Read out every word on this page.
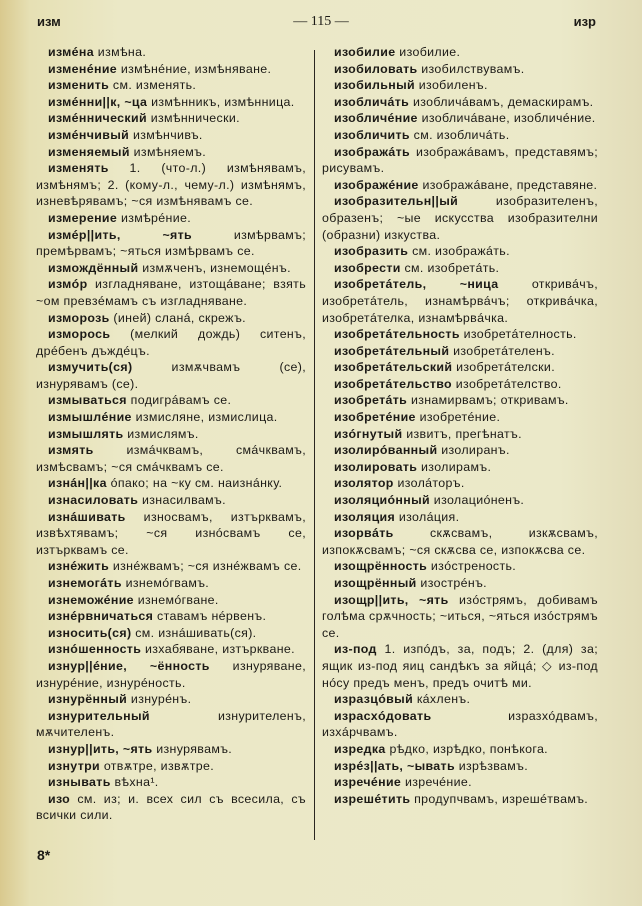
изм	— 115 —	изр

измéна измѣна.

изменéние измѣнéние, измѣняване.

изменить см. изменять.

измéнни||к, ~ца измѣнникъ, измѣнница.

измéннический измѣннически.

измéнчивый измѣнчивъ.

изменяемый измѣняемъ.

изменять 1. (что-л.) измѣнявамъ, измѣнямъ; 2. (кому-л., чему-л.) измѣнямъ, изневѣрявамъ; ~ся измѣнявамъ се.

измерение измѣрéние.

измéр||ить, ~ять	измѣрвамъ; премѣрвамъ; ~яться измѣрвамъ се.

измождённый измѫченъ, изнемощéнъ.

измóр изгладняване, изтощáване; взять ~ом превзéмамъ съ изгладняване.

изморозь (иней) сланá, скрежъ.

изморось (мелкий дождь) ситенъ, дрéбенъ дъждéцъ.

измучить(ся)	измѫчвамъ (се), изнурявамъ (се).

измываться подигрáвамъ се.

измышлéние измисляне, измислица.

измышлять измислямъ.

измять	измáчквамъ, смáчквамъ, измѣсвамъ; ~ся смáчквамъ се.

изнáн||ка óпако; на ~ку см. наизнáнку.

изнасиловать изнасилвамъ.

изнáшивать износвамъ, изтърквамъ, извѣхтявамъ; ~ся изнóсвамъ се, изтърквамъ се.

изнéжить изнéжвамъ; ~ся изнéжвамъ се.

изнемогáть изнемóгвамъ.

изнеможéние изнемóгване.

изнéрвничаться ставамъ нéрвенъ.

износить(ся) см. изнáшивать(ся).

изнóшенность изхабяване, изтъркване.

изнур||éние, ~ённость изнуряване, изнурéние, изнурéность.

изнурённый изнурéнъ.

изнурительный	изнурителенъ, мѫчителенъ.

изнур||ить, ~ять изнурявамъ.

изнутри отвѫтре, извѫтре.

изнывать вѣхна¹.

изо см. из; и. всех сил съ всесила, съ всички сили.

изобилие изобилие.

изобиловать изобилствувамъ.

изобильный изобиленъ.

изобличáть изобличáвамъ, демаскирамъ.

изобличéние изобличáване, изобличéние.

изобличить см. изобличáть.

изображáть изображáвамъ, представямъ; рисувамъ.

изображéние изображáване, представяне.

изобразительн||ый	изобразителенъ, образенъ; ~ые искусства изобразителни (образни) изкуства.

изобразить см. изображáть.

изобрести см. изобретáть.

изобретáтель, ~ница	откривáчъ, изобретáтель, изнамѣрвáчъ; откривáчка, изобретáтелка, изнамѣрвáчка.

изобретáтельность изобретáтелность.

изобретáтельный изобретáтеленъ.

изобретáтельский изобретáтелски.

изобретáтельство изобретáтелство.

изобретáть изнамирвамъ; откривамъ.

изобретéние изобретéние.

изóгнутый извитъ, прегѣнатъ.

изолирóванный изолиранъ.

изолировать изолирамъ.

изолятор изолáторъ.

изоляциóнный изолациóненъ.

изоляция изолáция.

изорвáть	скѫсвамъ, изкѫсвамъ, изпокѫсвамъ; ~ся скѫсва се, изпокѫсва се.

изощрённость изóстреность.

изощрённый изострéнъ.

изощр||ить, ~ять изóстрямъ, добивамъ голѣма срѫчность; ~иться, ~яться изóстрямъ се.

из-под 1. изпóдъ, за, подъ; 2. (для) за; ящик из-под яиц сандѣкъ за яйцá; ◇ из-под нóсу предъ менъ, предъ очитѣ ми.

изразцóвый кáхленъ.

израсхóдовать	изразхóдвамъ, изхáрчвамъ.

изредка рѣдко, изрѣдко, понѣкога.

изрéз||ать, ~ывать изрѣзвамъ.

изречéние изречéние.

изрешéтить продупчвамъ, изрешéтвамъ.

8*
